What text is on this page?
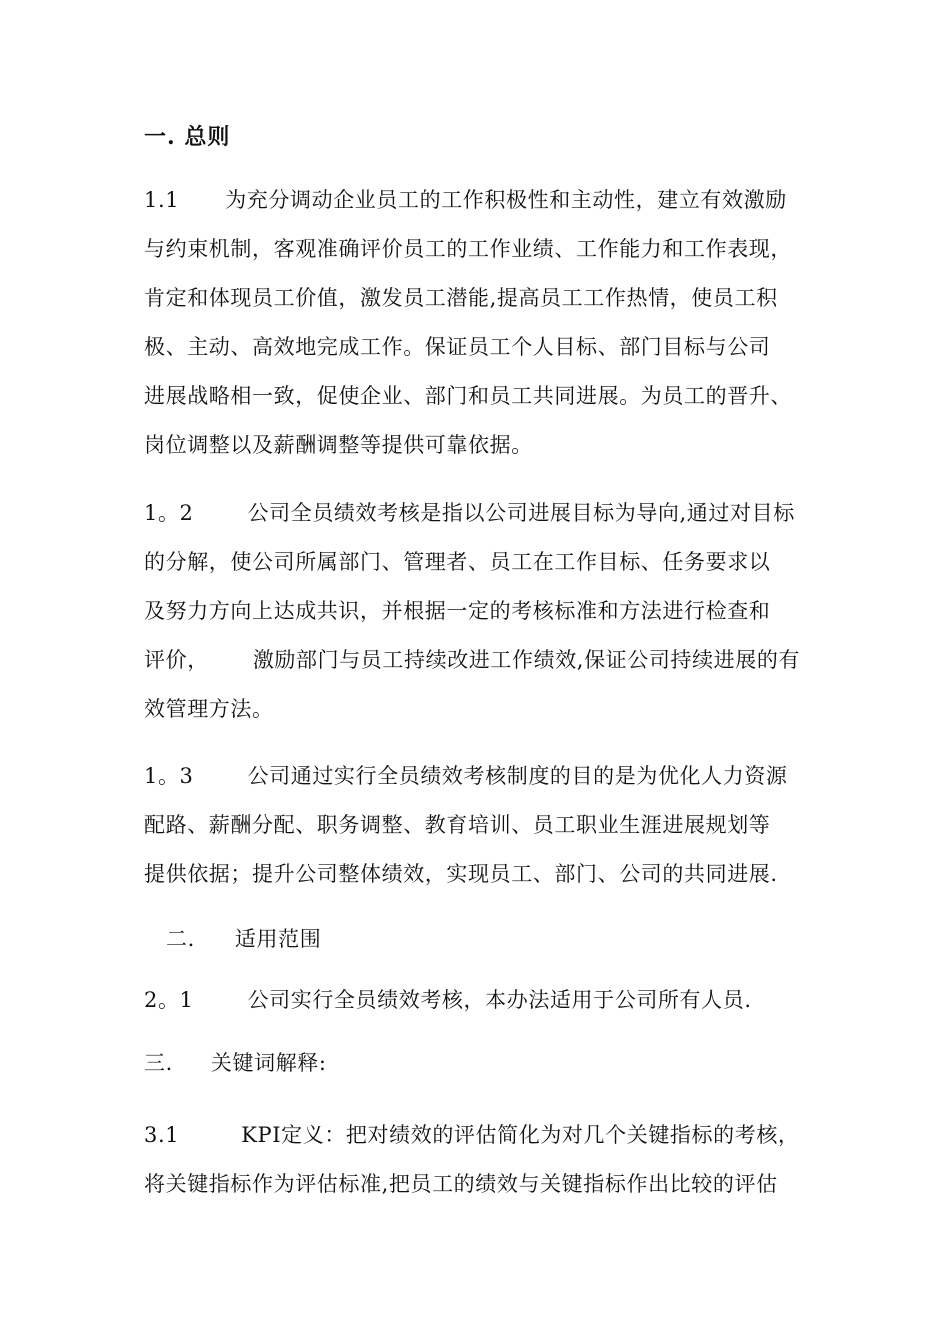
一. 总则
1.1 为充分调动企业员工的工作积极性和主动性，建立有效激励
与约束机制，客观准确评价员工的工作业绩、工作能力和工作表现，
肯定和体现员工价值，激发员工潜能,提高员工工作热情，使员工积
极、主动、高效地完成工作。保证员工个人目标、部门目标与公司
进展战略相一致，促使企业、部门和员工共同进展。为员工的晋升、
岗位调整以及薪酬调整等提供可靠依据。
1。2	公司全员绩效考核是指以公司进展目标为导向,通过对目标
的分解，使公司所属部门、管理者、员工在工作目标、任务要求以
及努力方向上达成共识，并根据一定的考核标准和方法进行检查和
评价， 激励部门与员工持续改进工作绩效,保证公司持续进展的有
效管理方法。
1。3	公司通过实行全员绩效考核制度的目的是为优化人力资源
配路、薪酬分配、职务调整、教育培训、员工职业生涯进展规划等
提供依据；提升公司整体绩效，实现员工、部门、公司的共同进展.
二. 适用范围
2。1	公司实行全员绩效考核，本办法适用于公司所有人员.
三. 关键词解释:
3.1	KPI定义：把对绩效的评估简化为对几个关键指标的考核，
将关键指标作为评估标准,把员工的绩效与关键指标作出比较的评估
